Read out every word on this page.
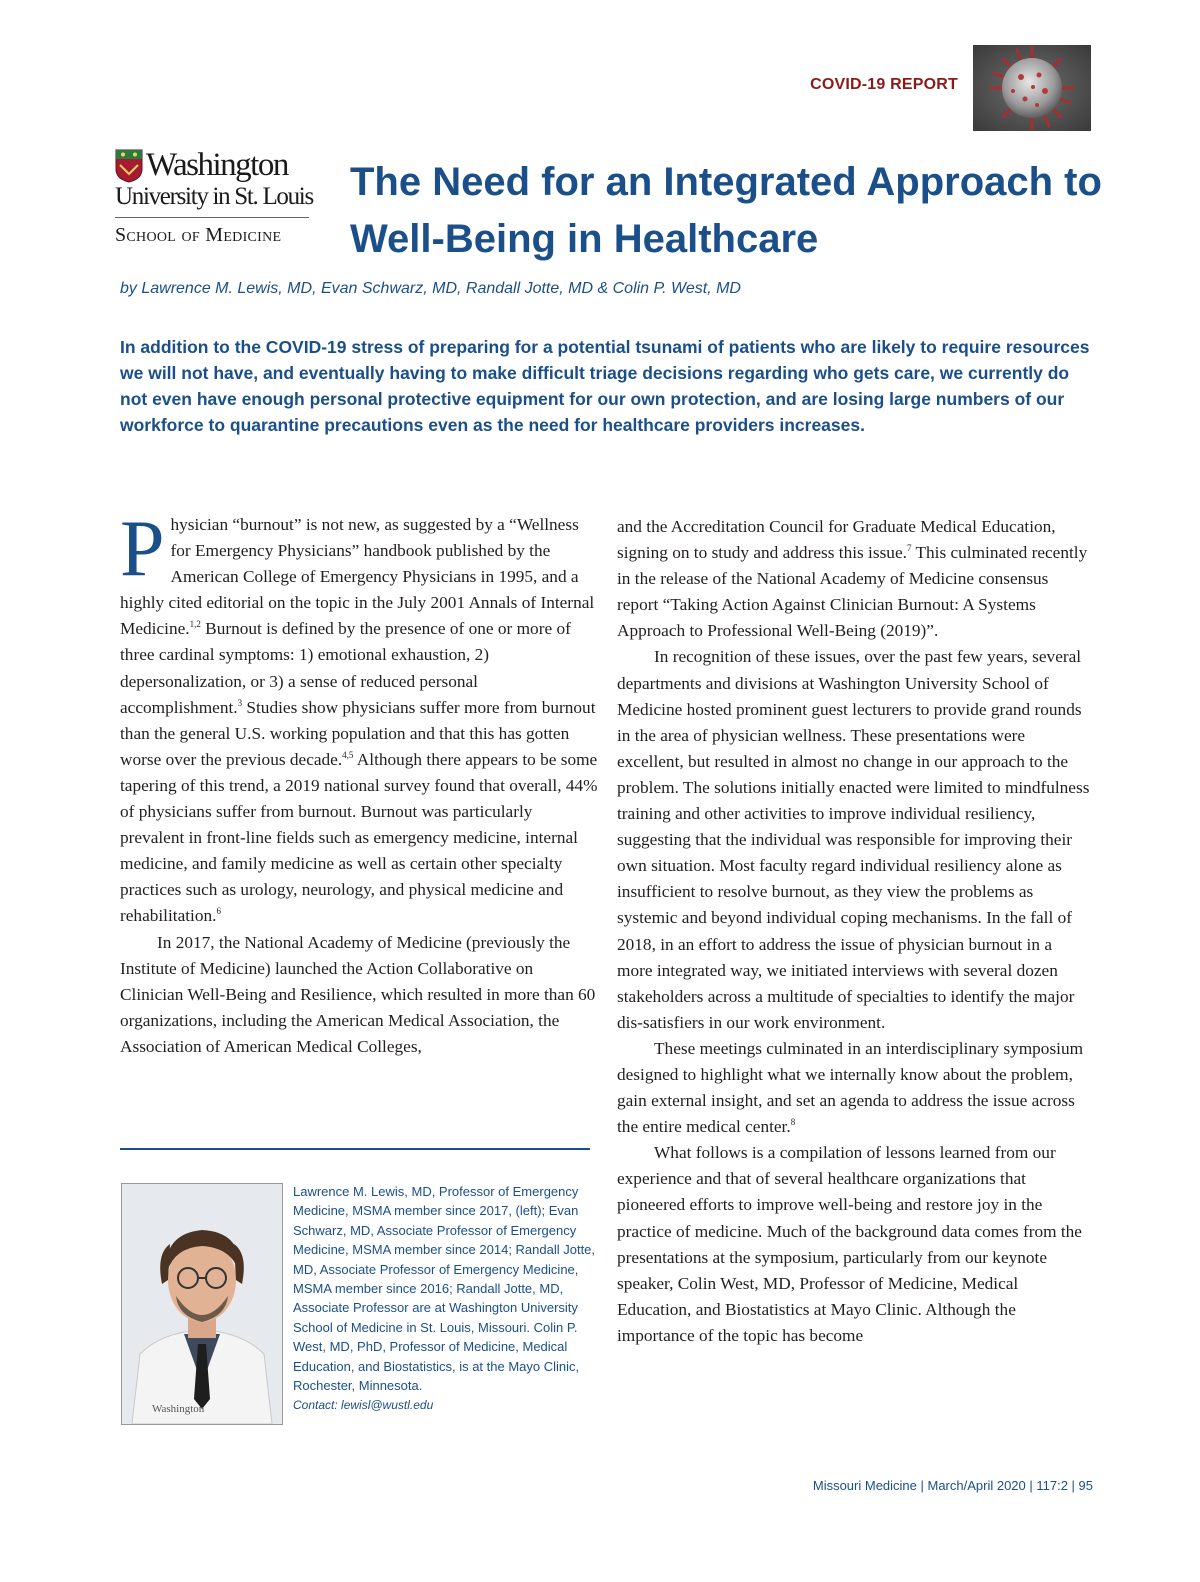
COVID-19 REPORT
Washington
University in St. Louis
School of Medicine
The Need for an Integrated Approach to Well-Being in Healthcare
by Lawrence M. Lewis, MD, Evan Schwarz, MD, Randall Jotte, MD & Colin P. West, MD

In addition to the COVID-19 stress of preparing for a potential tsunami of patients who are likely to require resources we will not have, and eventually having to make difficult triage decisions regarding who gets care, we currently do not even have enough personal protective equipment for our own protection, and are losing large numbers of our workforce to quarantine precautions even as the need for healthcare providers increases.

Physician “burnout” is not new, as suggested by a “Wellness for Emergency Physicians” handbook published by the American College of Emergency Physicians in 1995, and a highly cited editorial on the topic in the July 2001 Annals of Internal Medicine.$^{1,2}$ Burnout is defined by the presence of one or more of three cardinal symptoms: 1) emotional exhaustion, 2) depersonalization, or 3) a sense of reduced personal accomplishment.$^3$ Studies show physicians suffer more from burnout than the general U.S. working population and that this has gotten worse over the previous decade.$^{4,5}$ Although there appears to be some tapering of this trend, a 2019 national survey found that overall, 44% of physicians suffer from burnout. Burnout was particularly prevalent in front-line fields such as emergency medicine, internal medicine, and family medicine as well as certain other specialty practices such as urology, neurology, and physical medicine and rehabilitation.$^6$

In 2017, the National Academy of Medicine (previously the Institute of Medicine) launched the Action Collaborative on Clinician Well-Being and Resilience, which resulted in more than 60 organizations, including the American Medical Association, the Association of American Medical Colleges,

Washington
Lawrence M. Lewis, MD, Professor of Emergency Medicine, MSMA member since 2017, (left); Evan Schwarz, MD, Associate Professor of Emergency Medicine, MSMA member since 2014; Randall Jotte, MD, Associate Professor of Emergency Medicine, MSMA member since 2016; Randall Jotte, MD, Associate Professor are at Washington University School of Medicine in St. Louis, Missouri. Colin P. West, MD, PhD, Professor of Medicine, Medical Education, and Biostatistics, is at the Mayo Clinic, Rochester, Minnesota.
Contact: lewisl@wustl.edu

and the Accreditation Council for Graduate Medical Education, signing on to study and address this issue.$^7$ This culminated recently in the release of the National Academy of Medicine consensus report “Taking Action Against Clinician Burnout: A Systems Approach to Professional Well-Being (2019)”.

In recognition of these issues, over the past few years, several departments and divisions at Washington University School of Medicine hosted prominent guest lecturers to provide grand rounds in the area of physician wellness. These presentations were excellent, but resulted in almost no change in our approach to the problem. The solutions initially enacted were limited to mindfulness training and other activities to improve individual resiliency, suggesting that the individual was responsible for improving their own situation. Most faculty regard individual resiliency alone as insufficient to resolve burnout, as they view the problems as systemic and beyond individual coping mechanisms. In the fall of 2018, in an effort to address the issue of physician burnout in a more integrated way, we initiated interviews with several dozen stakeholders across a multitude of specialties to identify the major dis-satisfiers in our work environment.

These meetings culminated in an interdisciplinary symposium designed to highlight what we internally know about the problem, gain external insight, and set an agenda to address the issue across the entire medical center.$^8$

What follows is a compilation of lessons learned from our experience and that of several healthcare organizations that pioneered efforts to improve well-being and restore joy in the practice of medicine. Much of the background data comes from the presentations at the symposium, particularly from our keynote speaker, Colin West, MD, Professor of Medicine, Medical Education, and Biostatistics at Mayo Clinic. Although the importance of the topic has become

Missouri Medicine | March/April 2020 | 117:2 | 95
